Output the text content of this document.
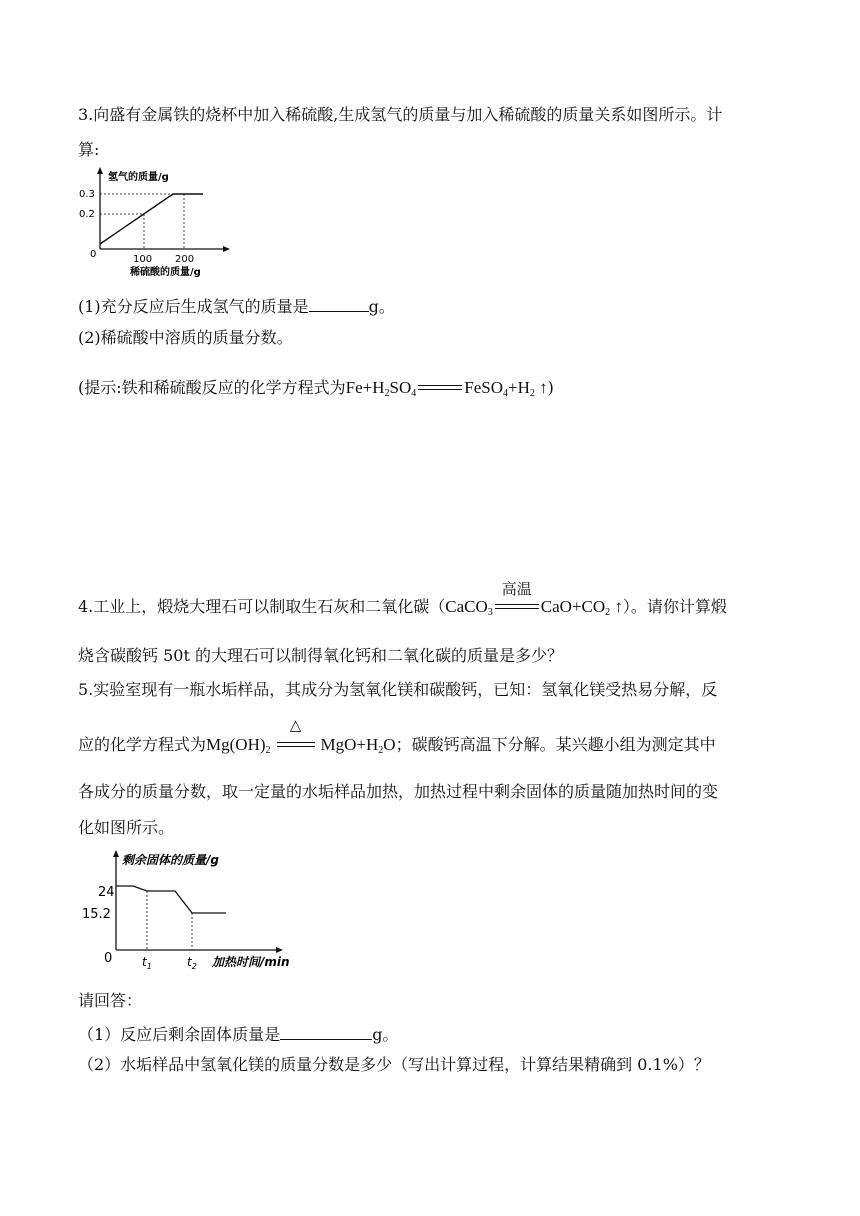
3.向盛有金属铁的烧杯中加入稀硫酸,生成氢气的质量与加入稀硫酸的质量关系如图所示。计
算:
氢气的质量/g
0.3
0.2
0	100 200
稀硫酸的质量/g
(1)充分反应后生成氢气的质量是	g。
(2)稀硫酸中溶质的质量分数。
(提示:铁和稀硫酸反应的化学方程式为$Fe+H_2SO_4$	$FeSO_4+H_2$ ↑)
4.工业上，煅烧大理石可以制取生石灰和二氧化碳（CaCO$_3$
高温
$CaO+CO_2$ ↑）。请你计算煅
烧含碳酸钙 50t 的大理石可以制得氧化钙和二氧化碳的质量是多少？
5.实验室现有一瓶水垢样品，其成分为氢氧化镁和碳酸钙，已知：氢氧化镁受热易分解，反
应的化学方程式为$Mg(OH)_2$
△
$MgO+H_2O$；碳酸钙高温下分解。某兴趣小组为测定其中
各成分的质量分数，取一定量的水垢样品加热，加热过程中剩余固体的质量随加热时间的变
化如图所示。
剩余固体的质量/g
24
15.2
0 $t_1$	$t_2$ 加热时间/min
请回答：
（1）反应后剩余固体质量是	g。
（2）水垢样品中氢氧化镁的质量分数是多少（写出计算过程，计算结果精确到 0.1%）？
